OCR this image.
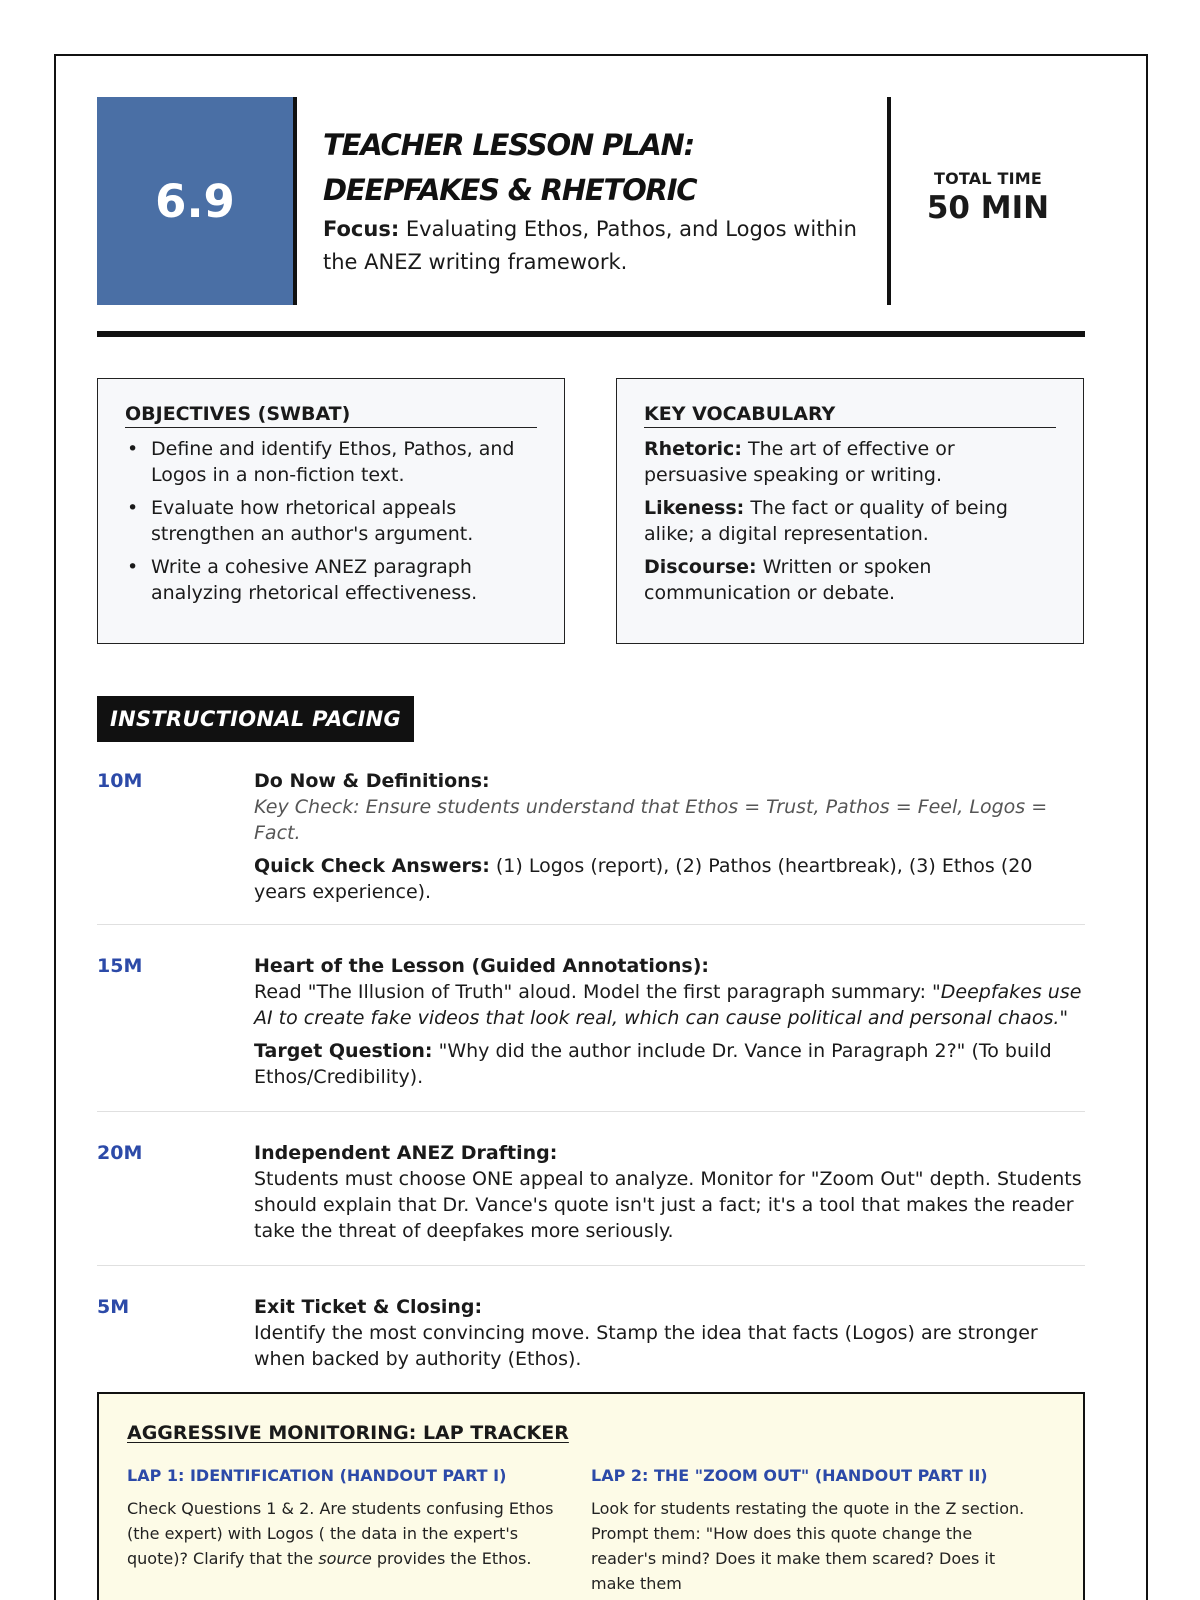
6.9
TEACHER LESSON PLAN: DEEPFAKES & RHETORIC
Focus: Evaluating Ethos, Pathos, and Logos within the ANEZ writing framework.
TOTAL TIME
50 MIN
OBJECTIVES (SWBAT)
• Define and identify Ethos, Pathos, and Logos in a non-fiction text.
• Evaluate how rhetorical appeals strengthen an author's argument.
• Write a cohesive ANEZ paragraph analyzing rhetorical effectiveness.
KEY VOCABULARY
Rhetoric: The art of effective or persuasive speaking or writing.
Likeness: The fact or quality of being alike; a digital representation.
Discourse: Written or spoken communication or debate.
INSTRUCTIONAL PACING
10M	Do Now & Definitions:
Key Check: Ensure students understand that Ethos = Trust, Pathos = Feel, Logos = Fact.
Quick Check Answers: (1) Logos (report), (2) Pathos (heartbreak), (3) Ethos (20 years experience).
15M	Heart of the Lesson (Guided Annotations):
Read "The Illusion of Truth" aloud. Model the first paragraph summary: "Deepfakes use AI to create fake videos that look real, which can cause political and personal chaos."
Target Question: "Why did the author include Dr. Vance in Paragraph 2?" (To build Ethos/Credibility).
20M	Independent ANEZ Drafting:
Students must choose ONE appeal to analyze. Monitor for "Zoom Out" depth. Students should explain that Dr. Vance's quote isn't just a fact; it's a tool that makes the reader take the threat of deepfakes more seriously.
5M	Exit Ticket & Closing:
Identify the most convincing move. Stamp the idea that facts (Logos) are stronger when backed by authority (Ethos).
AGGRESSIVE MONITORING: LAP TRACKER
LAP 1: IDENTIFICATION (HANDOUT PART I)
Check Questions 1 & 2. Are students confusing Ethos (the expert) with Logos ( the data in the expert's quote)? Clarify that the source provides the Ethos.
LAP 2: THE "ZOOM OUT" (HANDOUT PART II)
Look for students restating the quote in the Z section. Prompt them: "How does this quote change the reader's mind? Does it make them scared? Does it make them
